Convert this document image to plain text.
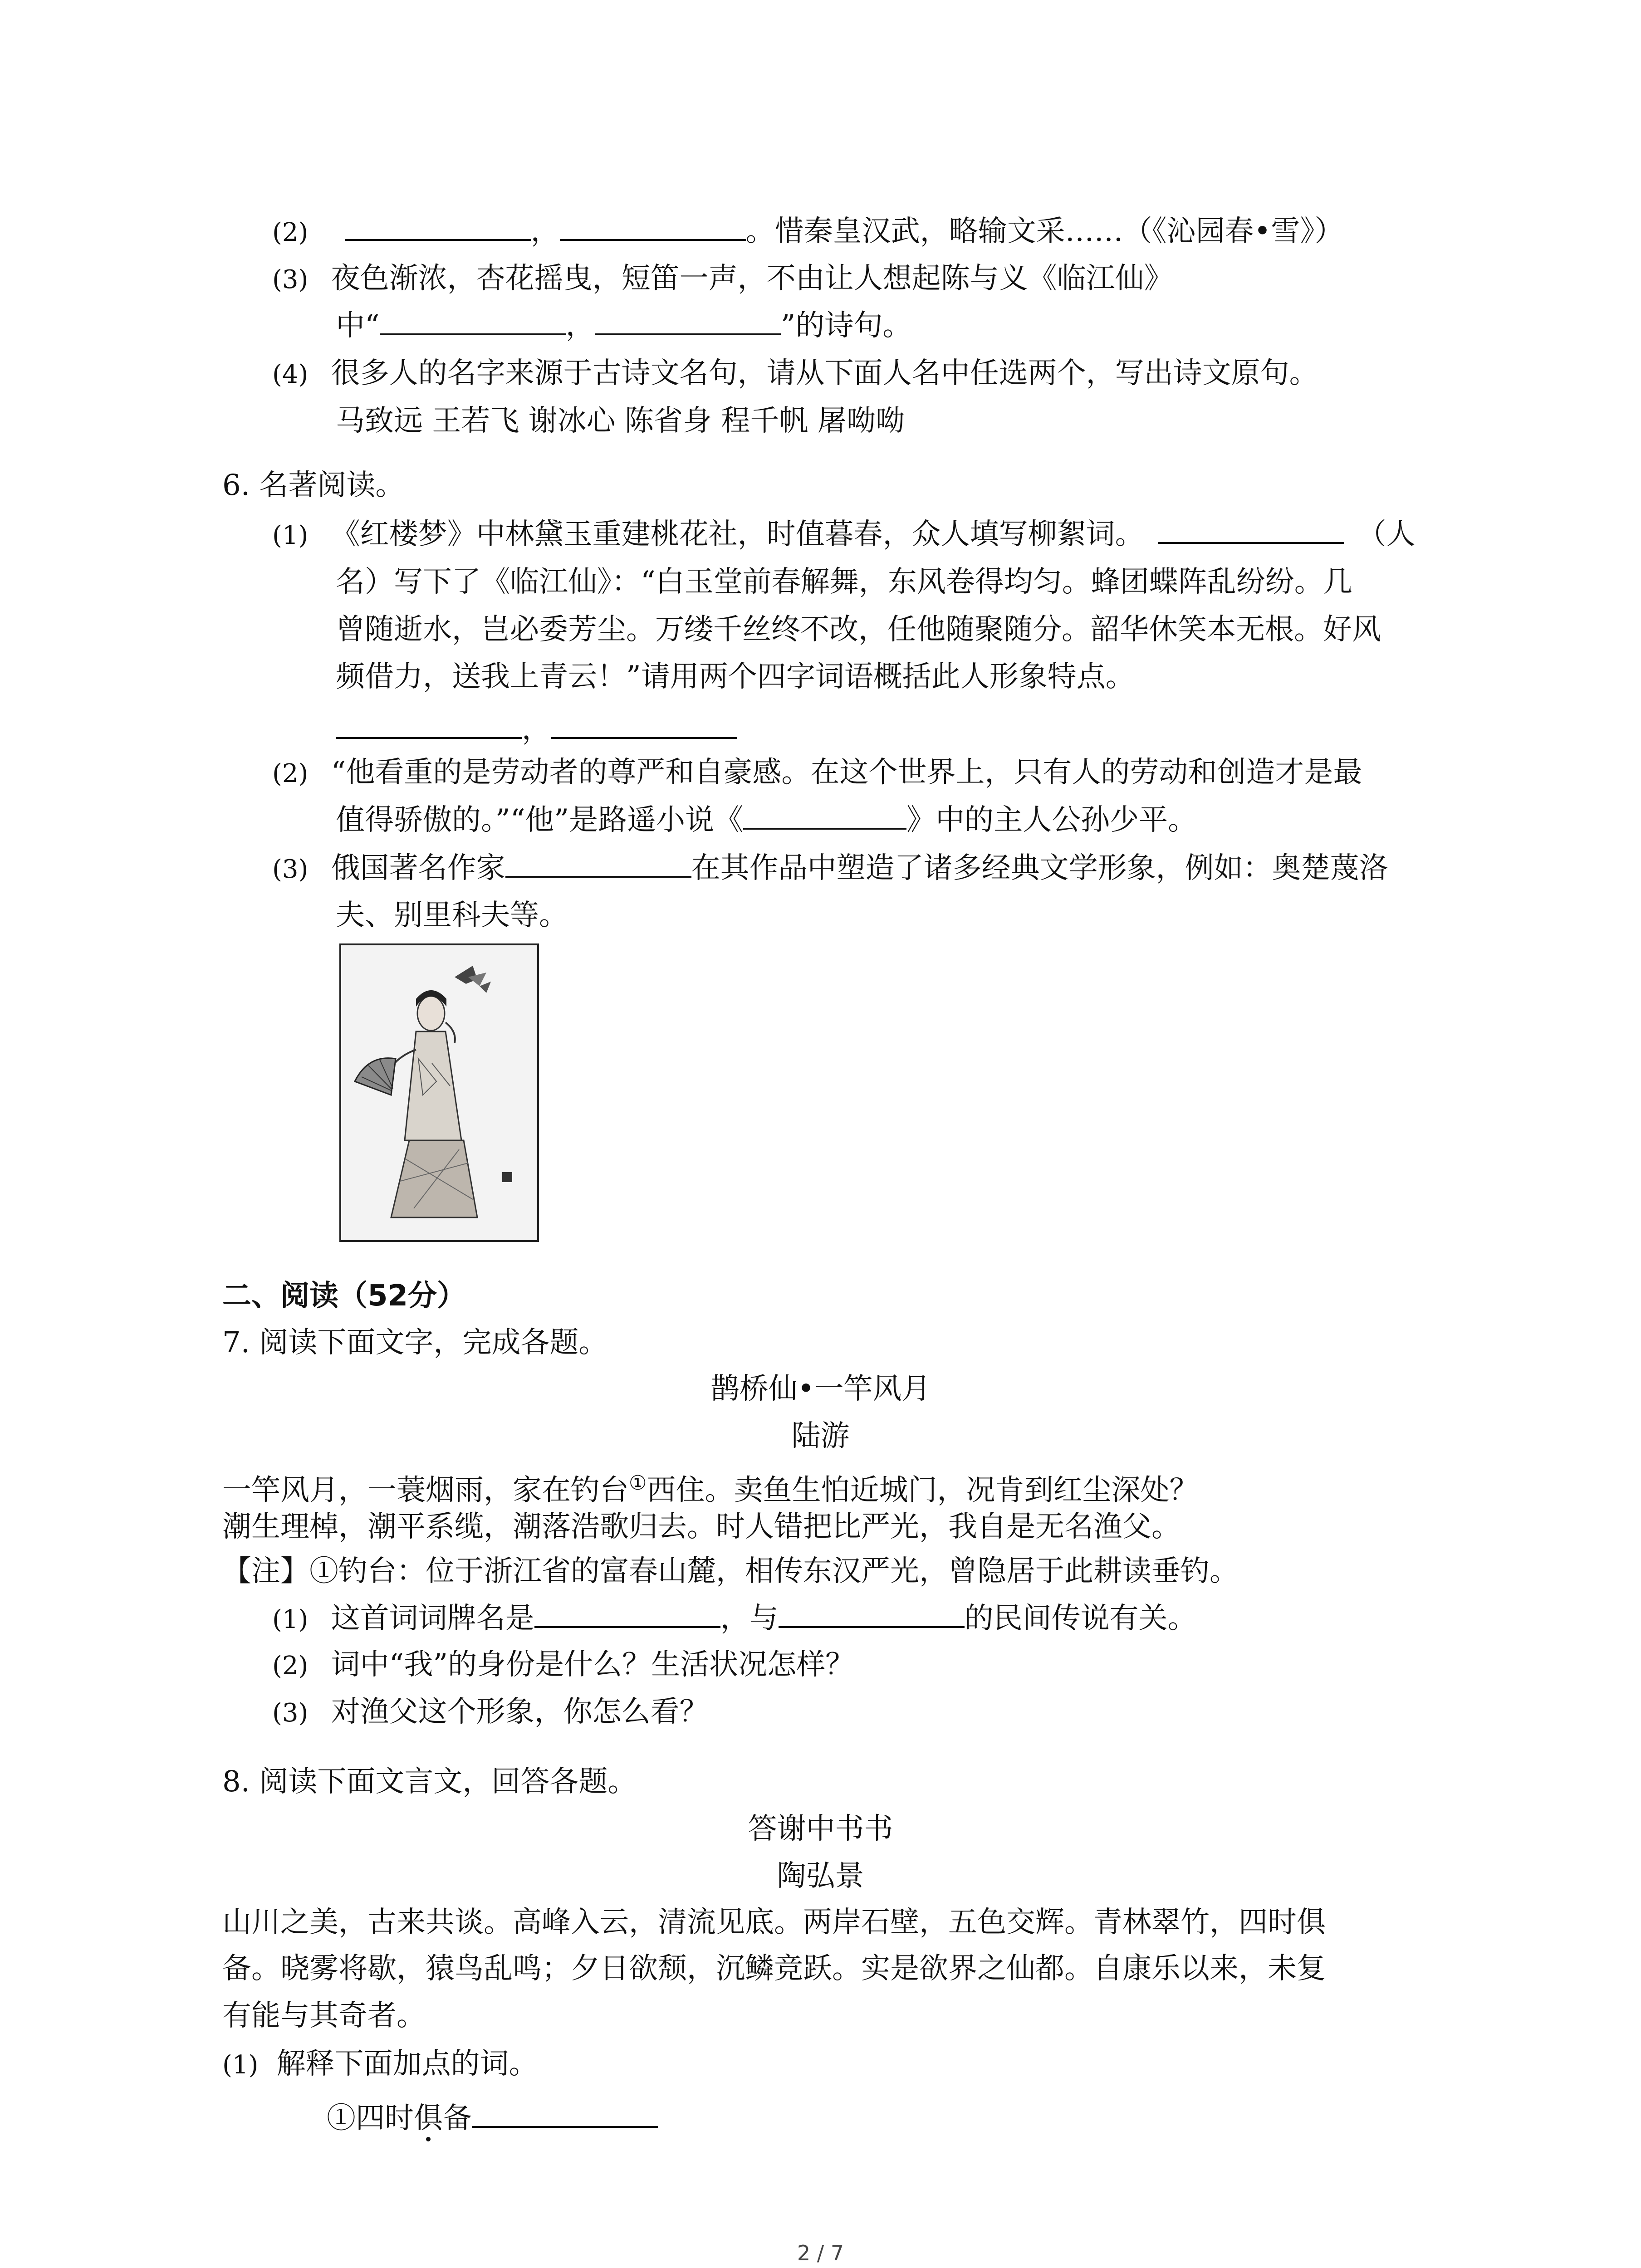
(2)	，	。惜秦皇汉武，略输文采……（《沁园春•雪》）
(3) 夜色渐浓，杏花摇曳，短笛一声，不由让人想起陈与义《临江仙》
中“	，	”的诗句。
(4) 很多人的名字来源于古诗文名句，请从下面人名中任选两个，写出诗文原句。
马致远 王若飞 谢冰心 陈省身 程千帆 屠呦呦
6. 名著阅读。
(1) 《红楼梦》中林黛玉重建桃花社，时值暮春，众人填写柳絮词。	（人
名）写下了《临江仙》：“白玉堂前春解舞，东风卷得均匀。蜂团蝶阵乱纷纷。几
曾随逝水，岂必委芳尘。万缕千丝终不改，任他随聚随分。韶华休笑本无根。好风
频借力，送我上青云！”请用两个四字词语概括此人形象特点。
，
(2) “他看重的是劳动者的尊严和自豪感。在这个世界上，只有人的劳动和创造才是最
值得骄傲的。”“他”是路遥小说《	》中的主人公孙少平。
(3) 俄国著名作家	在其作品中塑造了诸多经典文学形象，例如：奥楚蔑洛
夫、别里科夫等。
二、阅读（52分）
7. 阅读下面文字，完成各题。
鹊桥仙•一竿风月
陆游
一竿风月，一蓑烟雨，家在钓台①西住。卖鱼生怕近城门，况肯到红尘深处？
潮生理棹，潮平系缆，潮落浩歌归去。时人错把比严光，我自是无名渔父。
【注】①钓台：位于浙江省的富春山麓，相传东汉严光，曾隐居于此耕读垂钓。
(1) 这首词词牌名是	，与	的民间传说有关。
(2) 词中“我”的身份是什么？生活状况怎样？
(3) 对渔父这个形象，你怎么看？
8. 阅读下面文言文，回答各题。
答谢中书书
陶弘景
山川之美，古来共谈。高峰入云，清流见底。两岸石壁，五色交辉。青林翠竹，四时俱
备。晓雾将歇，猿鸟乱鸣；夕日欲颓，沉鳞竞跃。实是欲界之仙都。自康乐以来，未复
有能与其奇者。
(1) 解释下面加点的词。
①四时俱备
2 / 7
